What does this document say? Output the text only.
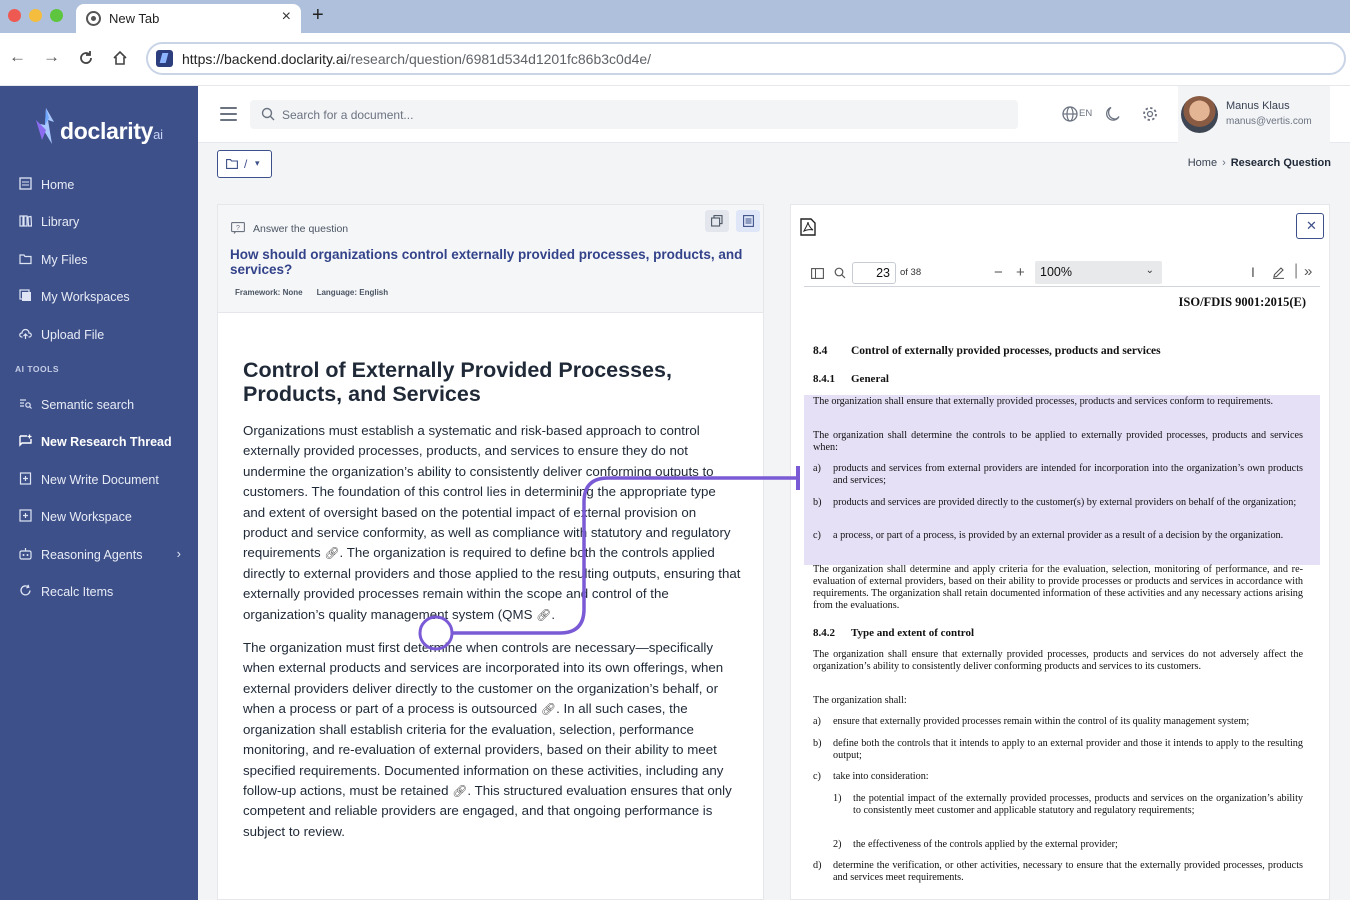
New Tab	× +
← →	https://backend.doclarity.ai/research/question/6981d534d1201fc86b3c0d4e/
doclarityai
Home
Library
My Files
My Workspaces
Upload File
AI TOOLS
Semantic search
New Research Thread
New Write Document
New Workspace
Reasoning Agents	›
Recalc Items
Search for a document...	EN
Manus Klaus
manus@vertis.com
/ ▾	Home › Research Question
? Answer the question
How should organizations control externally provided processes, products, and services?
Framework: None Language: English
Control of Externally Provided Processes, Products, and Services

Organizations must establish a systematic and risk-based approach to control externally provided processes, products, and services to ensure they do not undermine the organization’s ability to consistently deliver conforming outputs to customers. The foundation of this control lies in determining the appropriate type and extent of oversight based on the potential impact of external provision on product and service conformity, as well as compliance with statutory and regulatory requirements 🔗︎. The organization is required to define both the controls applied directly to external providers and those applied to the resulting outputs, ensuring that externally provided processes remain within the scope and control of the organization’s quality management system (QMS 🔗︎.

The organization must first determine when controls are necessary—specifically when external products and services are incorporated into its own offerings, when external providers deliver directly to the customer on the organization’s behalf, or when a process or part of a process is outsourced 🔗︎. In all such cases, the organization shall establish criteria for the evaluation, selection, performance monitoring, and re-evaluation of external providers, based on their ability to meet specified requirements. Documented information on these activities, including any follow-up actions, must be retained 🔗︎. This structured evaluation ensures that only competent and reliable providers are engaged, and that ongoing performance is subject to review.

✕
23	of 38	− + 100%	⌄	I | »
ISO/FDIS 9001:2015(E)
8.4 Control of externally provided processes, products and services
8.4.1 General
The organization shall ensure that externally provided processes, products and services conform to requirements.
The organization shall determine the controls to be applied to externally provided processes, products and services when:
a) products and services from external providers are intended for incorporation into the organization’s own products and services;
b) products and services are provided directly to the customer(s) by external providers on behalf of the organization;
c) a process, or part of a process, is provided by an external provider as a result of a decision by the organization.
The organization shall determine and apply criteria for the evaluation, selection, monitoring of performance, and re-evaluation of external providers, based on their ability to provide processes or products and services in accordance with requirements. The organization shall retain documented information of these activities and any necessary actions arising from the evaluations.
8.4.2 Type and extent of control
The organization shall ensure that externally provided processes, products and services do not adversely affect the organization’s ability to consistently deliver conforming products and services to its customers.
The organization shall:
a) ensure that externally provided processes remain within the control of its quality management system;
b) define both the controls that it intends to apply to an external provider and those it intends to apply to the resulting output;
c) take into consideration:
1) the potential impact of the externally provided processes, products and services on the organization’s ability to consistently meet customer and applicable statutory and regulatory requirements;
2) the effectiveness of the controls applied by the external provider;
d) determine the verification, or other activities, necessary to ensure that the externally provided processes, products and services meet requirements.
